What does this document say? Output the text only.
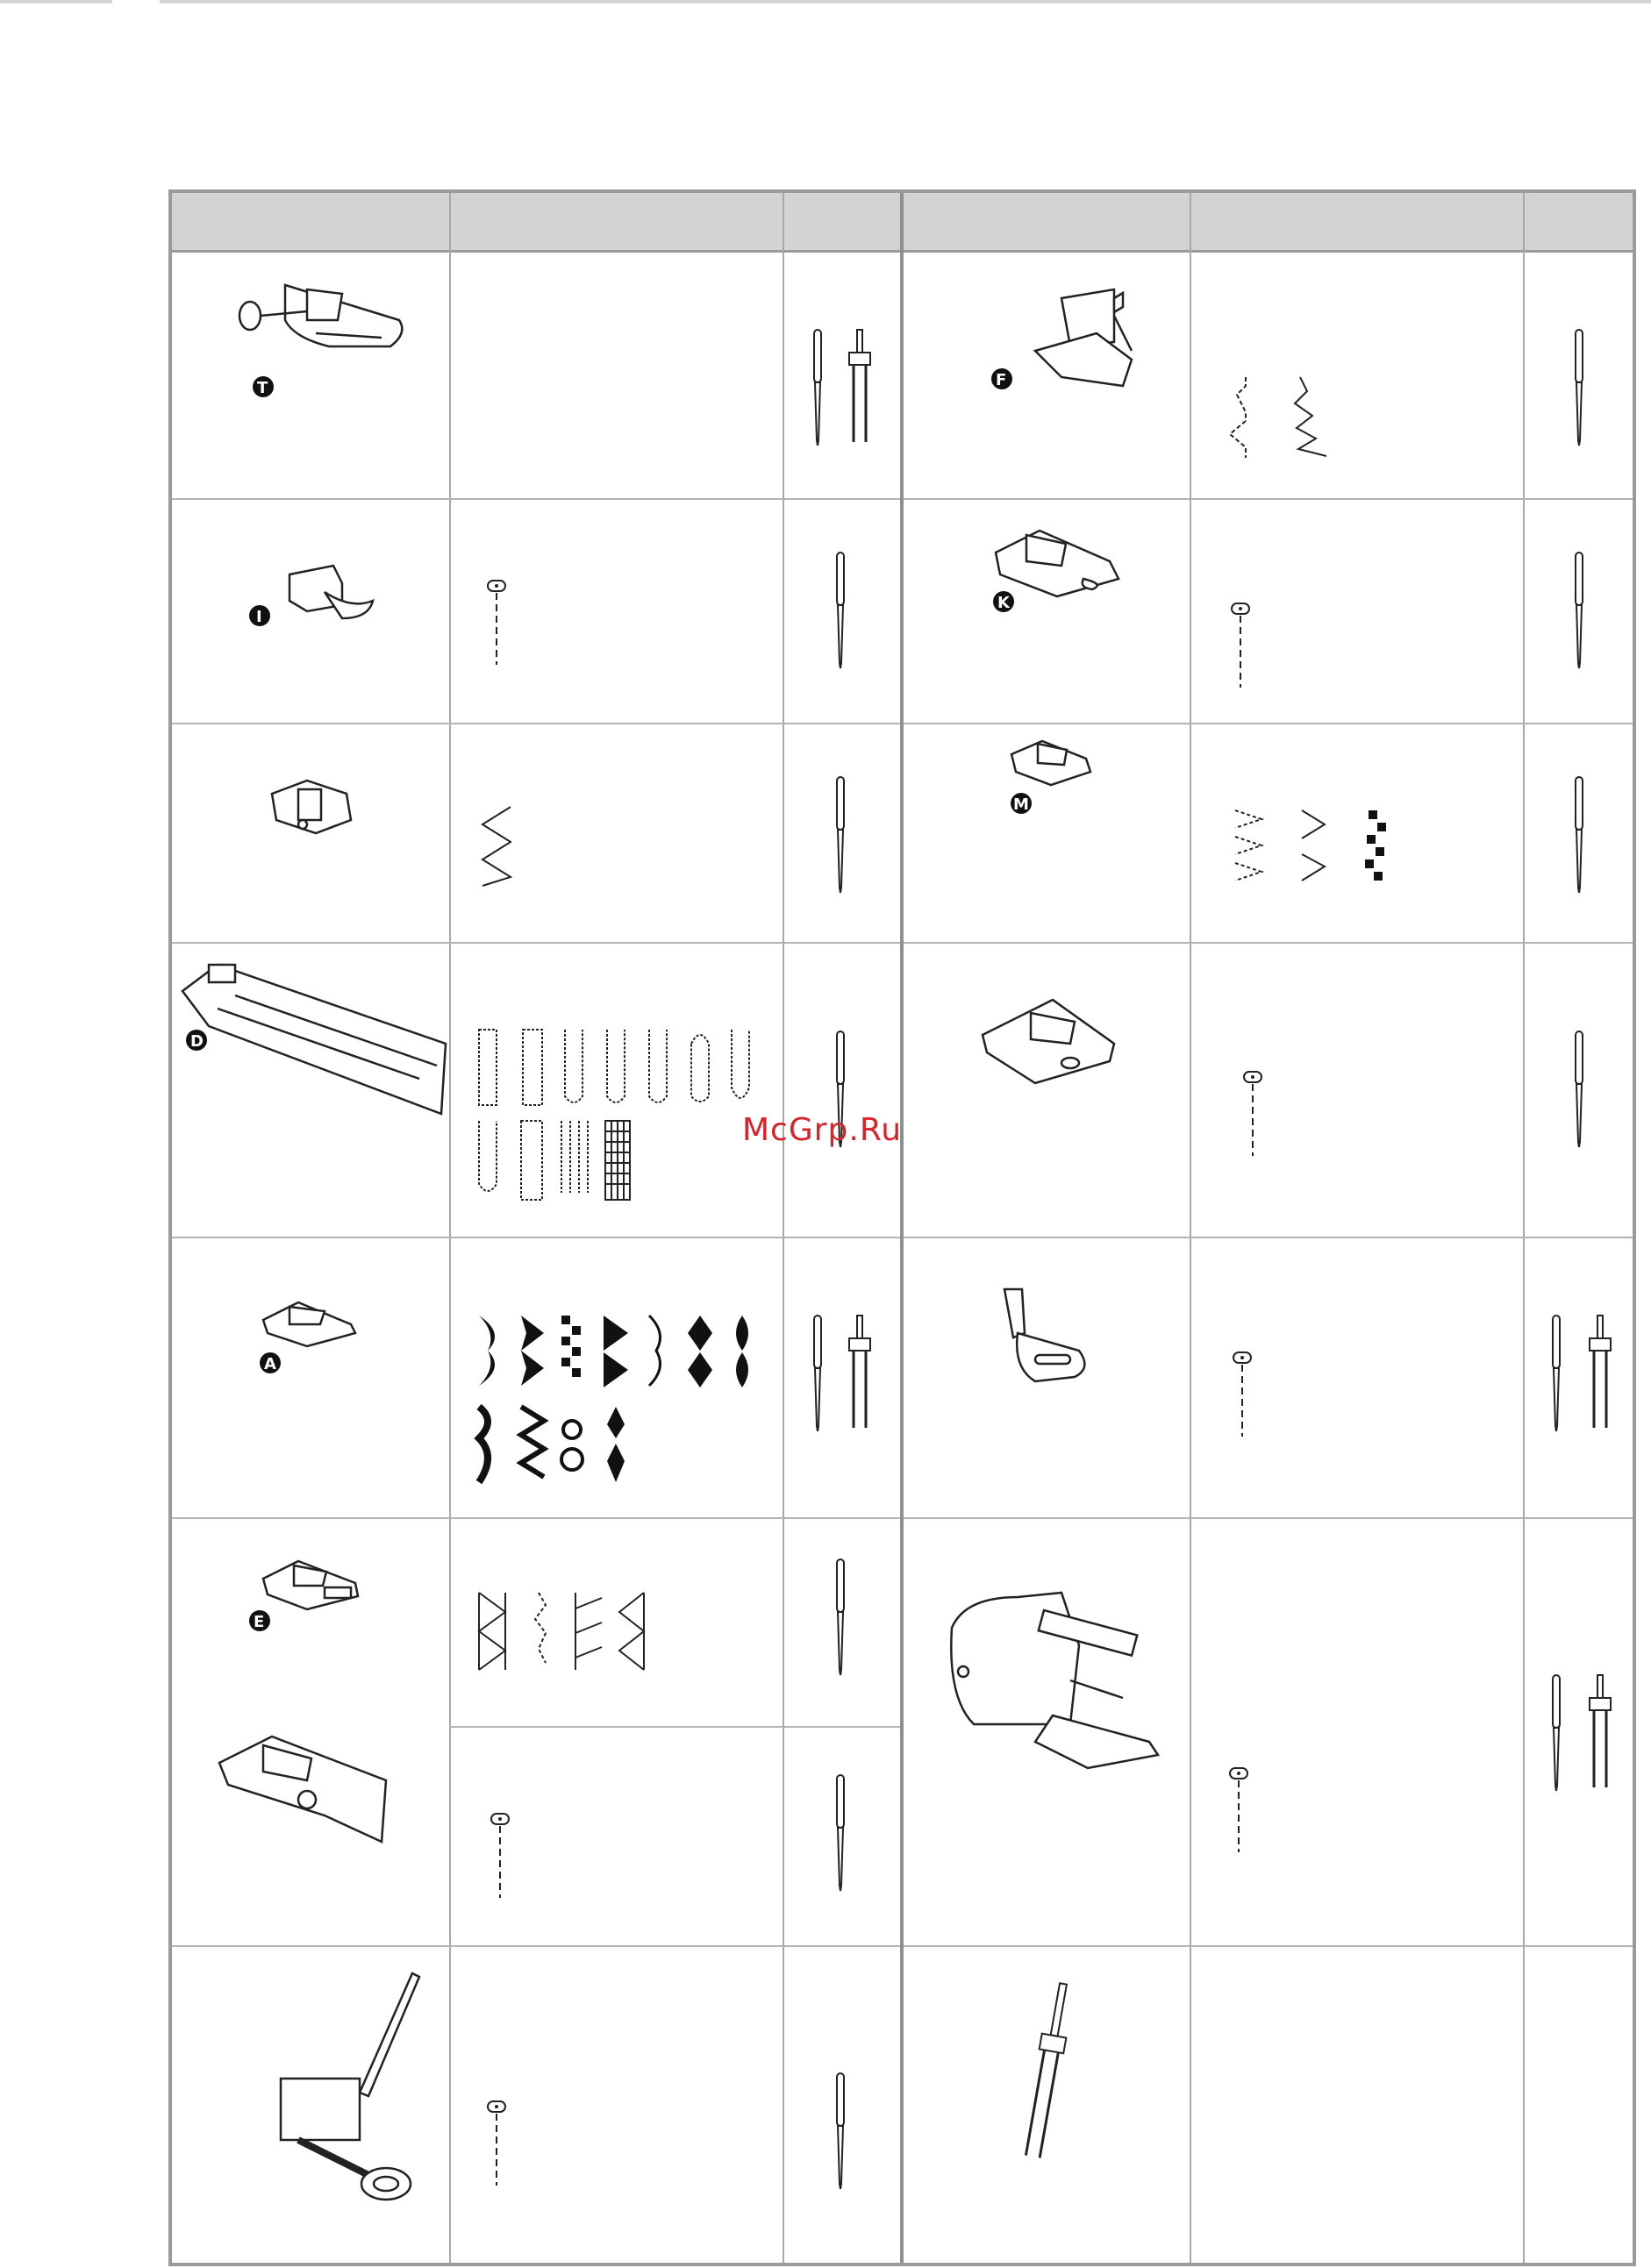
T
I
D
A
E
F
K
M
McGrp.Ru
